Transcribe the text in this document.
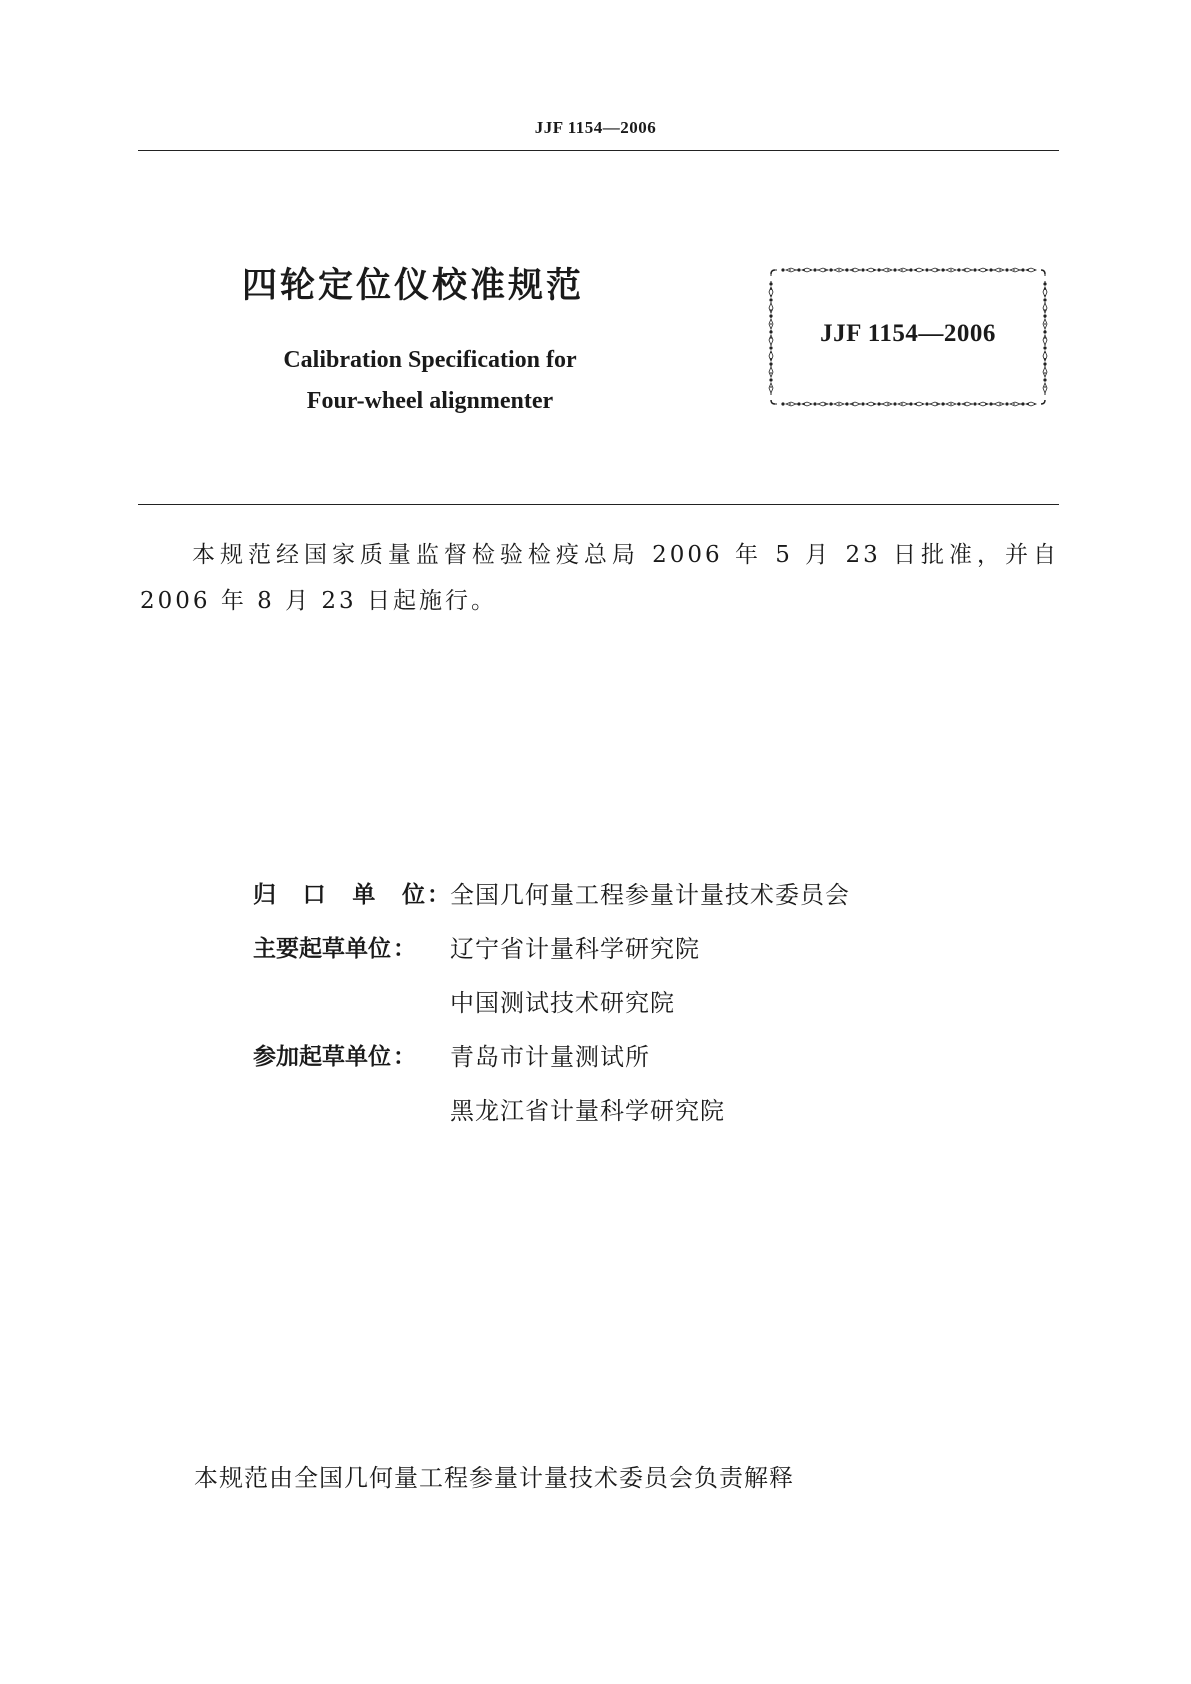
JJF 1154—2006
四轮定位仪校准规范
Calibration Specification for
Four-wheel alignmenter
JJF 1154—2006
本规范经国家质量监督检验检疫总局 2006 年 5 月 23 日批准，并自 2006 年 8 月 23 日起施行。
归 口 单 位： 全国几何量工程参量计量技术委员会
主要起草单位： 辽宁省计量科学研究院
中国测试技术研究院
参加起草单位： 青岛市计量测试所
黑龙江省计量科学研究院
本规范由全国几何量工程参量计量技术委员会负责解释
